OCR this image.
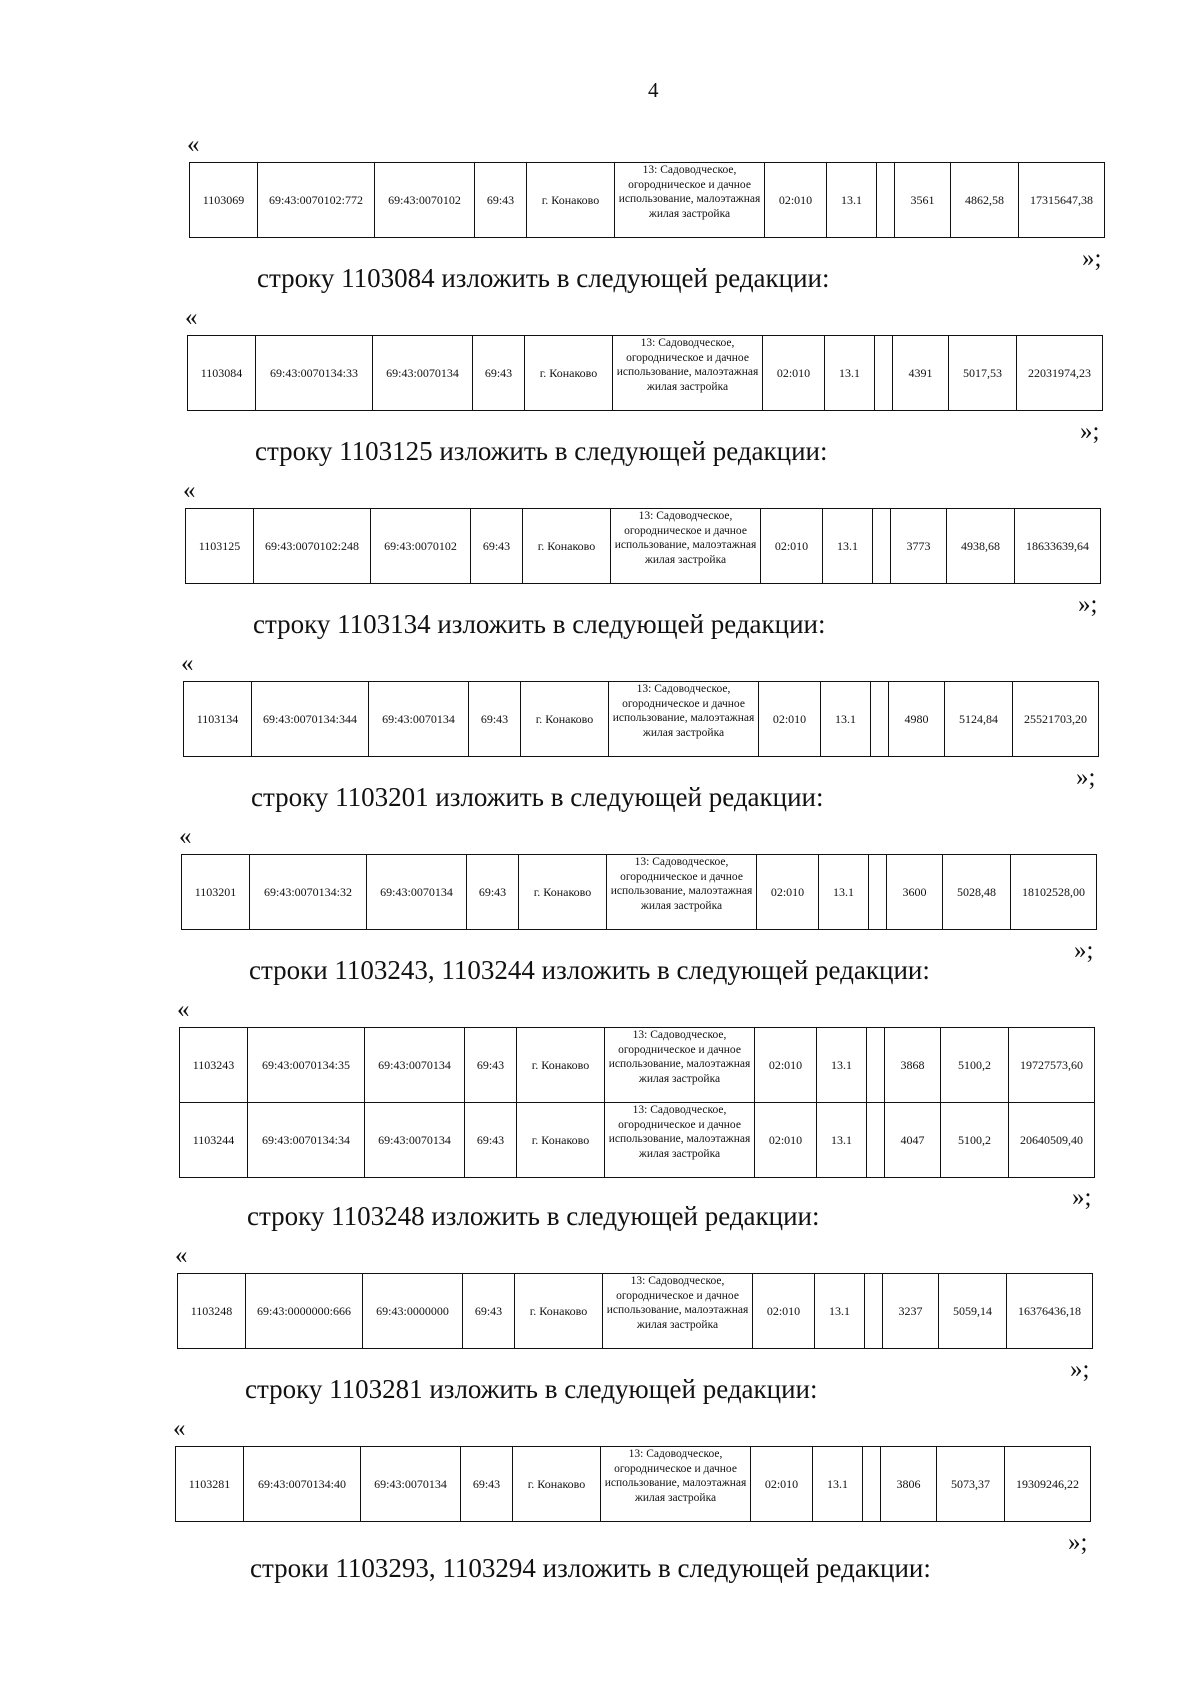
4
«
1103069	69:43:0070102:772	69:43:0070102	69:43	г. Конаково	13: Садоводческое, огородническое и дачное использование, малоэтажная жилая застройка	02:010	13.1		3561	4862,58	17315647,38
»;
строку 1103084 изложить в следующей редакции:
«
1103084	69:43:0070134:33	69:43:0070134	69:43	г. Конаково	13: Садоводческое, огородническое и дачное использование, малоэтажная жилая застройка	02:010	13.1		4391	5017,53	22031974,23
»;
строку 1103125 изложить в следующей редакции:
«
1103125	69:43:0070102:248	69:43:0070102	69:43	г. Конаково	13: Садоводческое, огородническое и дачное использование, малоэтажная жилая застройка	02:010	13.1		3773	4938,68	18633639,64
»;
строку 1103134 изложить в следующей редакции:
«
1103134	69:43:0070134:344	69:43:0070134	69:43	г. Конаково	13: Садоводческое, огородническое и дачное использование, малоэтажная жилая застройка	02:010	13.1		4980	5124,84	25521703,20
»;
строку 1103201 изложить в следующей редакции:
«
1103201	69:43:0070134:32	69:43:0070134	69:43	г. Конаково	13: Садоводческое, огородническое и дачное использование, малоэтажная жилая застройка	02:010	13.1		3600	5028,48	18102528,00
»;
строки 1103243, 1103244 изложить в следующей редакции:
«
1103243	69:43:0070134:35	69:43:0070134	69:43	г. Конаково	13: Садоводческое, огородническое и дачное использование, малоэтажная жилая застройка	02:010	13.1		3868	5100,2	19727573,60
1103244	69:43:0070134:34	69:43:0070134	69:43	г. Конаково	13: Садоводческое, огородническое и дачное использование, малоэтажная жилая застройка	02:010	13.1		4047	5100,2	20640509,40
»;
строку 1103248 изложить в следующей редакции:
«
1103248	69:43:0000000:666	69:43:0000000	69:43	г. Конаково	13: Садоводческое, огородническое и дачное использование, малоэтажная жилая застройка	02:010	13.1		3237	5059,14	16376436,18
»;
строку 1103281 изложить в следующей редакции:
«
1103281	69:43:0070134:40	69:43:0070134	69:43	г. Конаково	13: Садоводческое, огородническое и дачное использование, малоэтажная жилая застройка	02:010	13.1		3806	5073,37	19309246,22
»;
строки 1103293, 1103294 изложить в следующей редакции:
